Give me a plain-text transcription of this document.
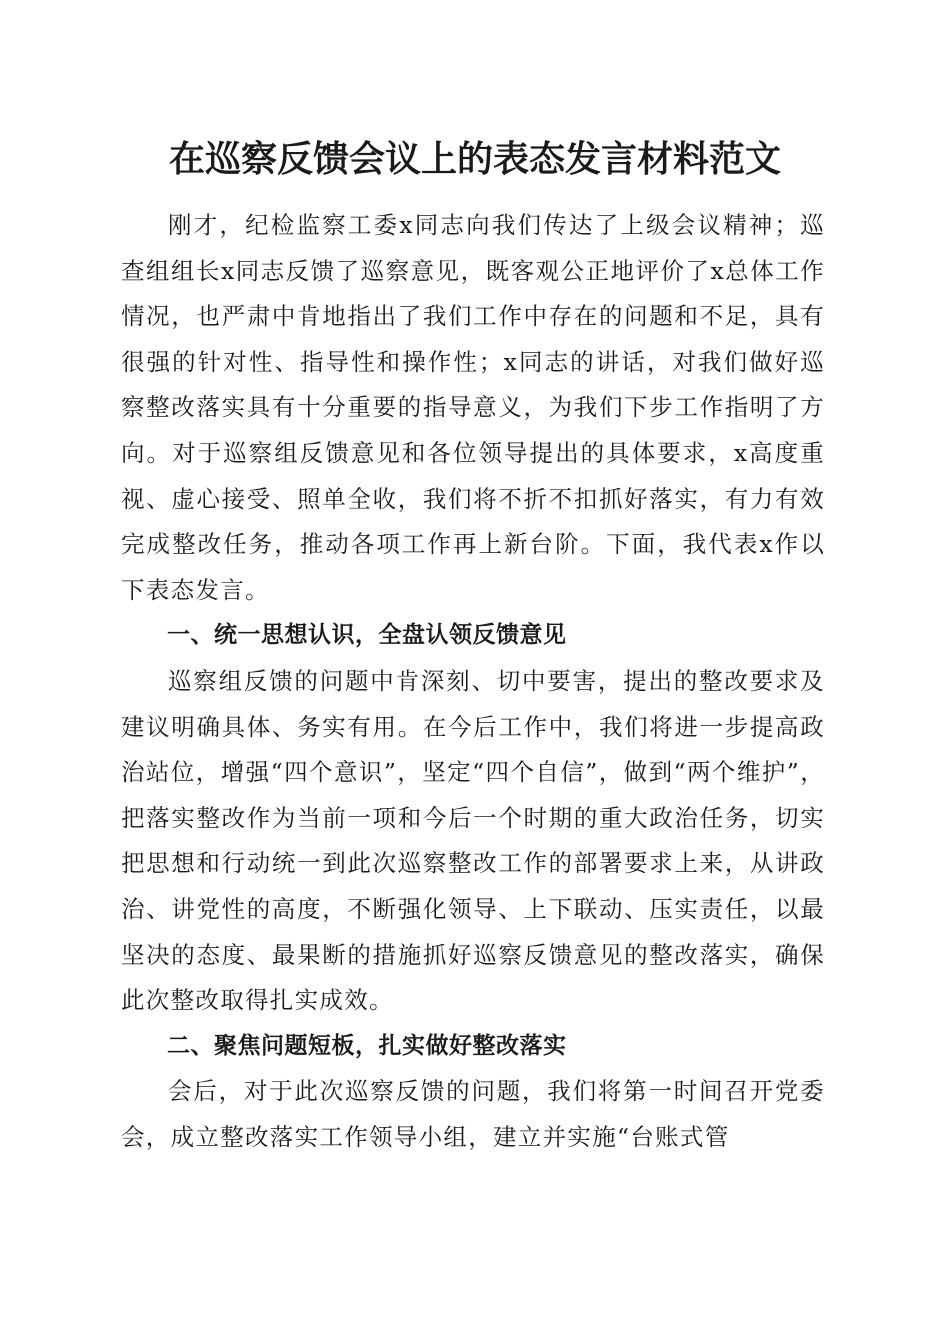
在巡察反馈会议上的表态发言材料范文

刚才，纪检监察工委x同志向我们传达了上级会议精神；巡查组组长x同志反馈了巡察意见，既客观公正地评价了x总体工作情况，也严肃中肯地指出了我们工作中存在的问题和不足，具有很强的针对性、指导性和操作性；x同志的讲话，对我们做好巡察整改落实具有十分重要的指导意义，为我们下步工作指明了方向。对于巡察组反馈意见和各位领导提出的具体要求，x高度重视、虚心接受、照单全收，我们将不折不扣抓好落实，有力有效完成整改任务，推动各项工作再上新台阶。下面，我代表x作以下表态发言。

一、统一思想认识，全盘认领反馈意见

巡察组反馈的问题中肯深刻、切中要害，提出的整改要求及建议明确具体、务实有用。在今后工作中，我们将进一步提高政治站位，增强“四个意识”，坚定“四个自信”，做到“两个维护”，把落实整改作为当前一项和今后一个时期的重大政治任务，切实把思想和行动统一到此次巡察整改工作的部署要求上来，从讲政治、讲党性的高度，不断强化领导、上下联动、压实责任，以最坚决的态度、最果断的措施抓好巡察反馈意见的整改落实，确保此次整改取得扎实成效。

二、聚焦问题短板，扎实做好整改落实

会后，对于此次巡察反馈的问题，我们将第一时间召开党委会，成立整改落实工作领导小组，建立并实施“台账式管
